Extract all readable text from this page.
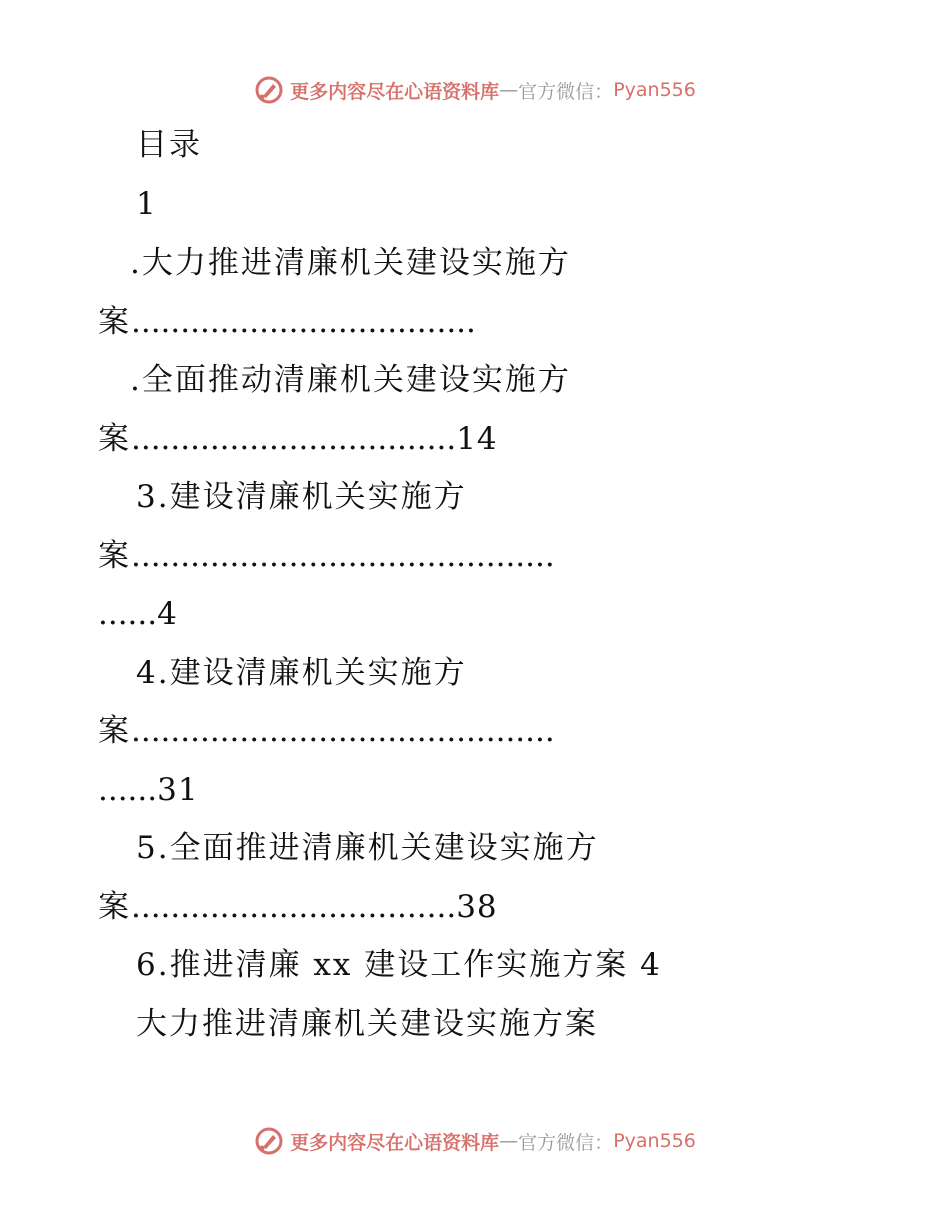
更多内容尽在心语资料库 — 官方微信： Pyan556
目录
1
.大力推进清廉机关建设实施方
案...................................
.全面推动清廉机关建设实施方
案.................................14
3.建设清廉机关实施方
案...........................................
......4
4.建设清廉机关实施方
案...........................................
......31
5.全面推进清廉机关建设实施方
案.................................38
6.推进清廉 xx 建设工作实施方案 4
大力推进清廉机关建设实施方案
更多内容尽在心语资料库 — 官方微信： Pyan556
